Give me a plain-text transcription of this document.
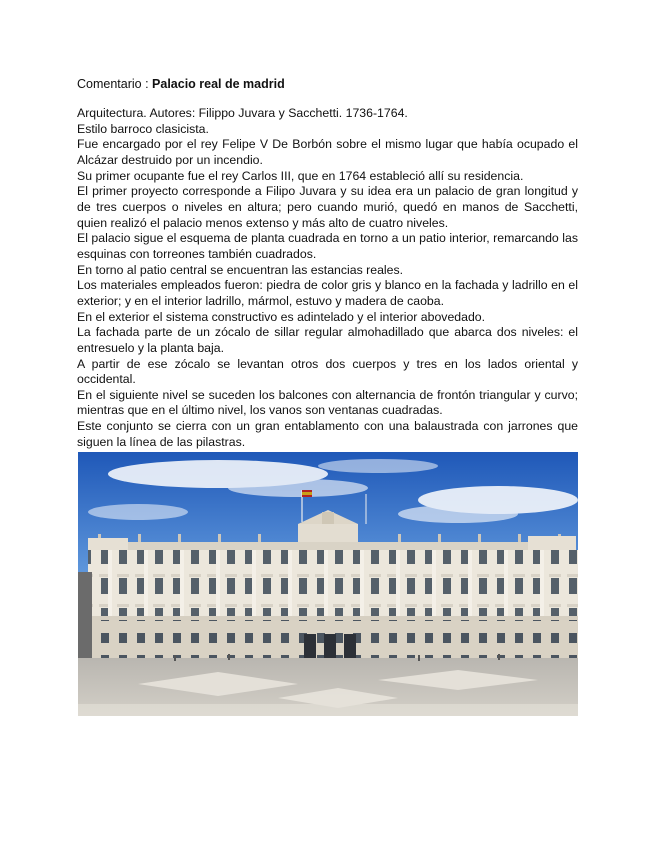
Comentario : Palacio real de madrid

Arquitectura. Autores: Filippo Juvara y Sacchetti. 1736-1764.

Estilo barroco clasicista.

Fue encargado por el rey Felipe V De Borbón sobre el mismo lugar que había ocupado el Alcázar destruido por un incendio.

Su primer ocupante fue el rey Carlos III, que en 1764 estableció allí su residencia.

El primer proyecto corresponde a Filipo Juvara y su idea era un palacio de gran longitud y de tres cuerpos o niveles en altura; pero cuando murió, quedó en manos de Sacchetti, quien realizó el palacio menos extenso y más alto de cuatro niveles.

El palacio sigue el esquema de planta cuadrada en torno a un patio interior, remarcando las esquinas con torreones también cuadrados.

En torno al patio central se encuentran las estancias reales.

Los materiales empleados fueron: piedra de color gris y blanco en la fachada y ladrillo en el exterior; y en el interior ladrillo, mármol, estuvo y madera de caoba.

En el exterior el sistema constructivo es adintelado y el interior abovedado.

La fachada parte de un zócalo de sillar regular almohadillado que abarca dos niveles: el entresuelo y la planta baja.

A partir de ese zócalo se levantan otros dos cuerpos y tres en los lados oriental y occidental.

En el siguiente nivel se suceden los balcones con alternancia de frontón triangular y curvo; mientras que en el último nivel, los vanos son ventanas cuadradas.

Este conjunto se cierra con un gran entablamento con una balaustrada con jarrones que siguen la línea de las pilastras.
